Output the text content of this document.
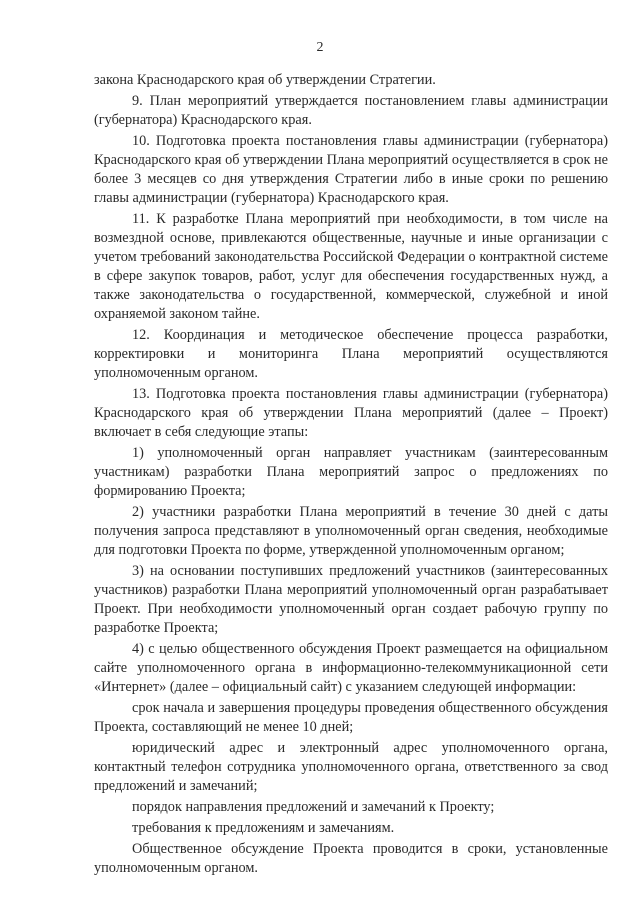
2

закона Краснодарского края об утверждении Стратегии.

9. План мероприятий утверждается постановлением главы администрации (губернатора) Краснодарского края.

10. Подготовка проекта постановления главы администрации (губернатора) Краснодарского края об утверждении Плана мероприятий осуществляется в срок не более 3 месяцев со дня утверждения Стратегии либо в иные сроки по решению главы администрации (губернатора) Краснодарского края.

11. К разработке Плана мероприятий при необходимости, в том числе на возмездной основе, привлекаются общественные, научные и иные организации с учетом требований законодательства Российской Федерации о контрактной системе в сфере закупок товаров, работ, услуг для обеспечения государственных нужд, а также законодательства о государственной, коммерческой, служебной и иной охраняемой законом тайне.

12. Координация и методическое обеспечение процесса разработки, корректировки и мониторинга Плана мероприятий осуществляются уполномоченным органом.

13. Подготовка проекта постановления главы администрации (губернатора) Краснодарского края об утверждении Плана мероприятий (далее – Проект) включает в себя следующие этапы:

1) уполномоченный орган направляет участникам (заинтересованным участникам) разработки Плана мероприятий запрос о предложениях по формированию Проекта;

2) участники разработки Плана мероприятий в течение 30 дней с даты получения запроса представляют в уполномоченный орган сведения, необходимые для подготовки Проекта по форме, утвержденной уполномоченным органом;

3) на основании поступивших предложений участников (заинтересованных участников) разработки Плана мероприятий уполномоченный орган разрабатывает Проект. При необходимости уполномоченный орган создает рабочую группу по разработке Проекта;

4) с целью общественного обсуждения Проект размещается на официальном сайте уполномоченного органа в информационно-телекоммуникационной сети «Интернет» (далее – официальный сайт) с указанием следующей информации:

срок начала и завершения процедуры проведения общественного обсуждения Проекта, составляющий не менее 10 дней;

юридический адрес и электронный адрес уполномоченного органа, контактный телефон сотрудника уполномоченного органа, ответственного за свод предложений и замечаний;

порядок направления предложений и замечаний к Проекту;

требования к предложениям и замечаниям.

Общественное обсуждение Проекта проводится в сроки, установленные уполномоченным органом.
